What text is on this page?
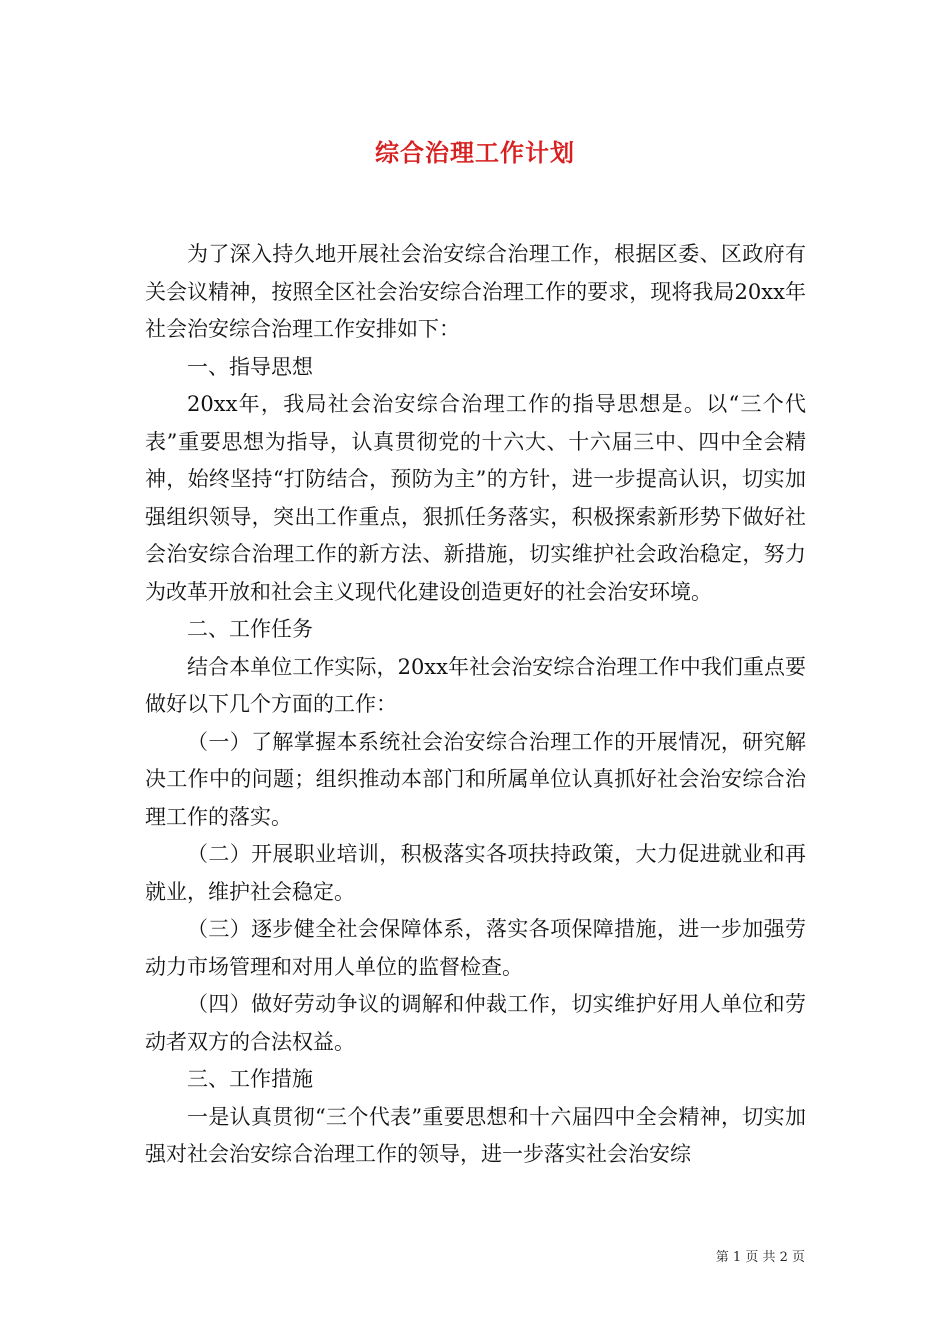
综合治理工作计划

为了深入持久地开展社会治安综合治理工作，根据区委、区政府有关会议精神，按照全区社会治安综合治理工作的要求，现将我局20xx年社会治安综合治理工作安排如下：

一、指导思想

20xx年，我局社会治安综合治理工作的指导思想是。以“三个代表”重要思想为指导，认真贯彻党的十六大、十六届三中、四中全会精神，始终坚持“打防结合，预防为主”的方针，进一步提高认识，切实加强组织领导，突出工作重点，狠抓任务落实，积极探索新形势下做好社会治安综合治理工作的新方法、新措施，切实维护社会政治稳定，努力为改革开放和社会主义现代化建设创造更好的社会治安环境。

二、工作任务

结合本单位工作实际，20xx年社会治安综合治理工作中我们重点要做好以下几个方面的工作：

（一）了解掌握本系统社会治安综合治理工作的开展情况，研究解决工作中的问题；组织推动本部门和所属单位认真抓好社会治安综合治理工作的落实。

（二）开展职业培训，积极落实各项扶持政策，大力促进就业和再就业，维护社会稳定。

（三）逐步健全社会保障体系，落实各项保障措施，进一步加强劳动力市场管理和对用人单位的监督检查。

（四）做好劳动争议的调解和仲裁工作，切实维护好用人单位和劳动者双方的合法权益。

三、工作措施

一是认真贯彻“三个代表”重要思想和十六届四中全会精神，切实加强对社会治安综合治理工作的领导，进一步落实社会治安综

第 1 页 共 2 页
